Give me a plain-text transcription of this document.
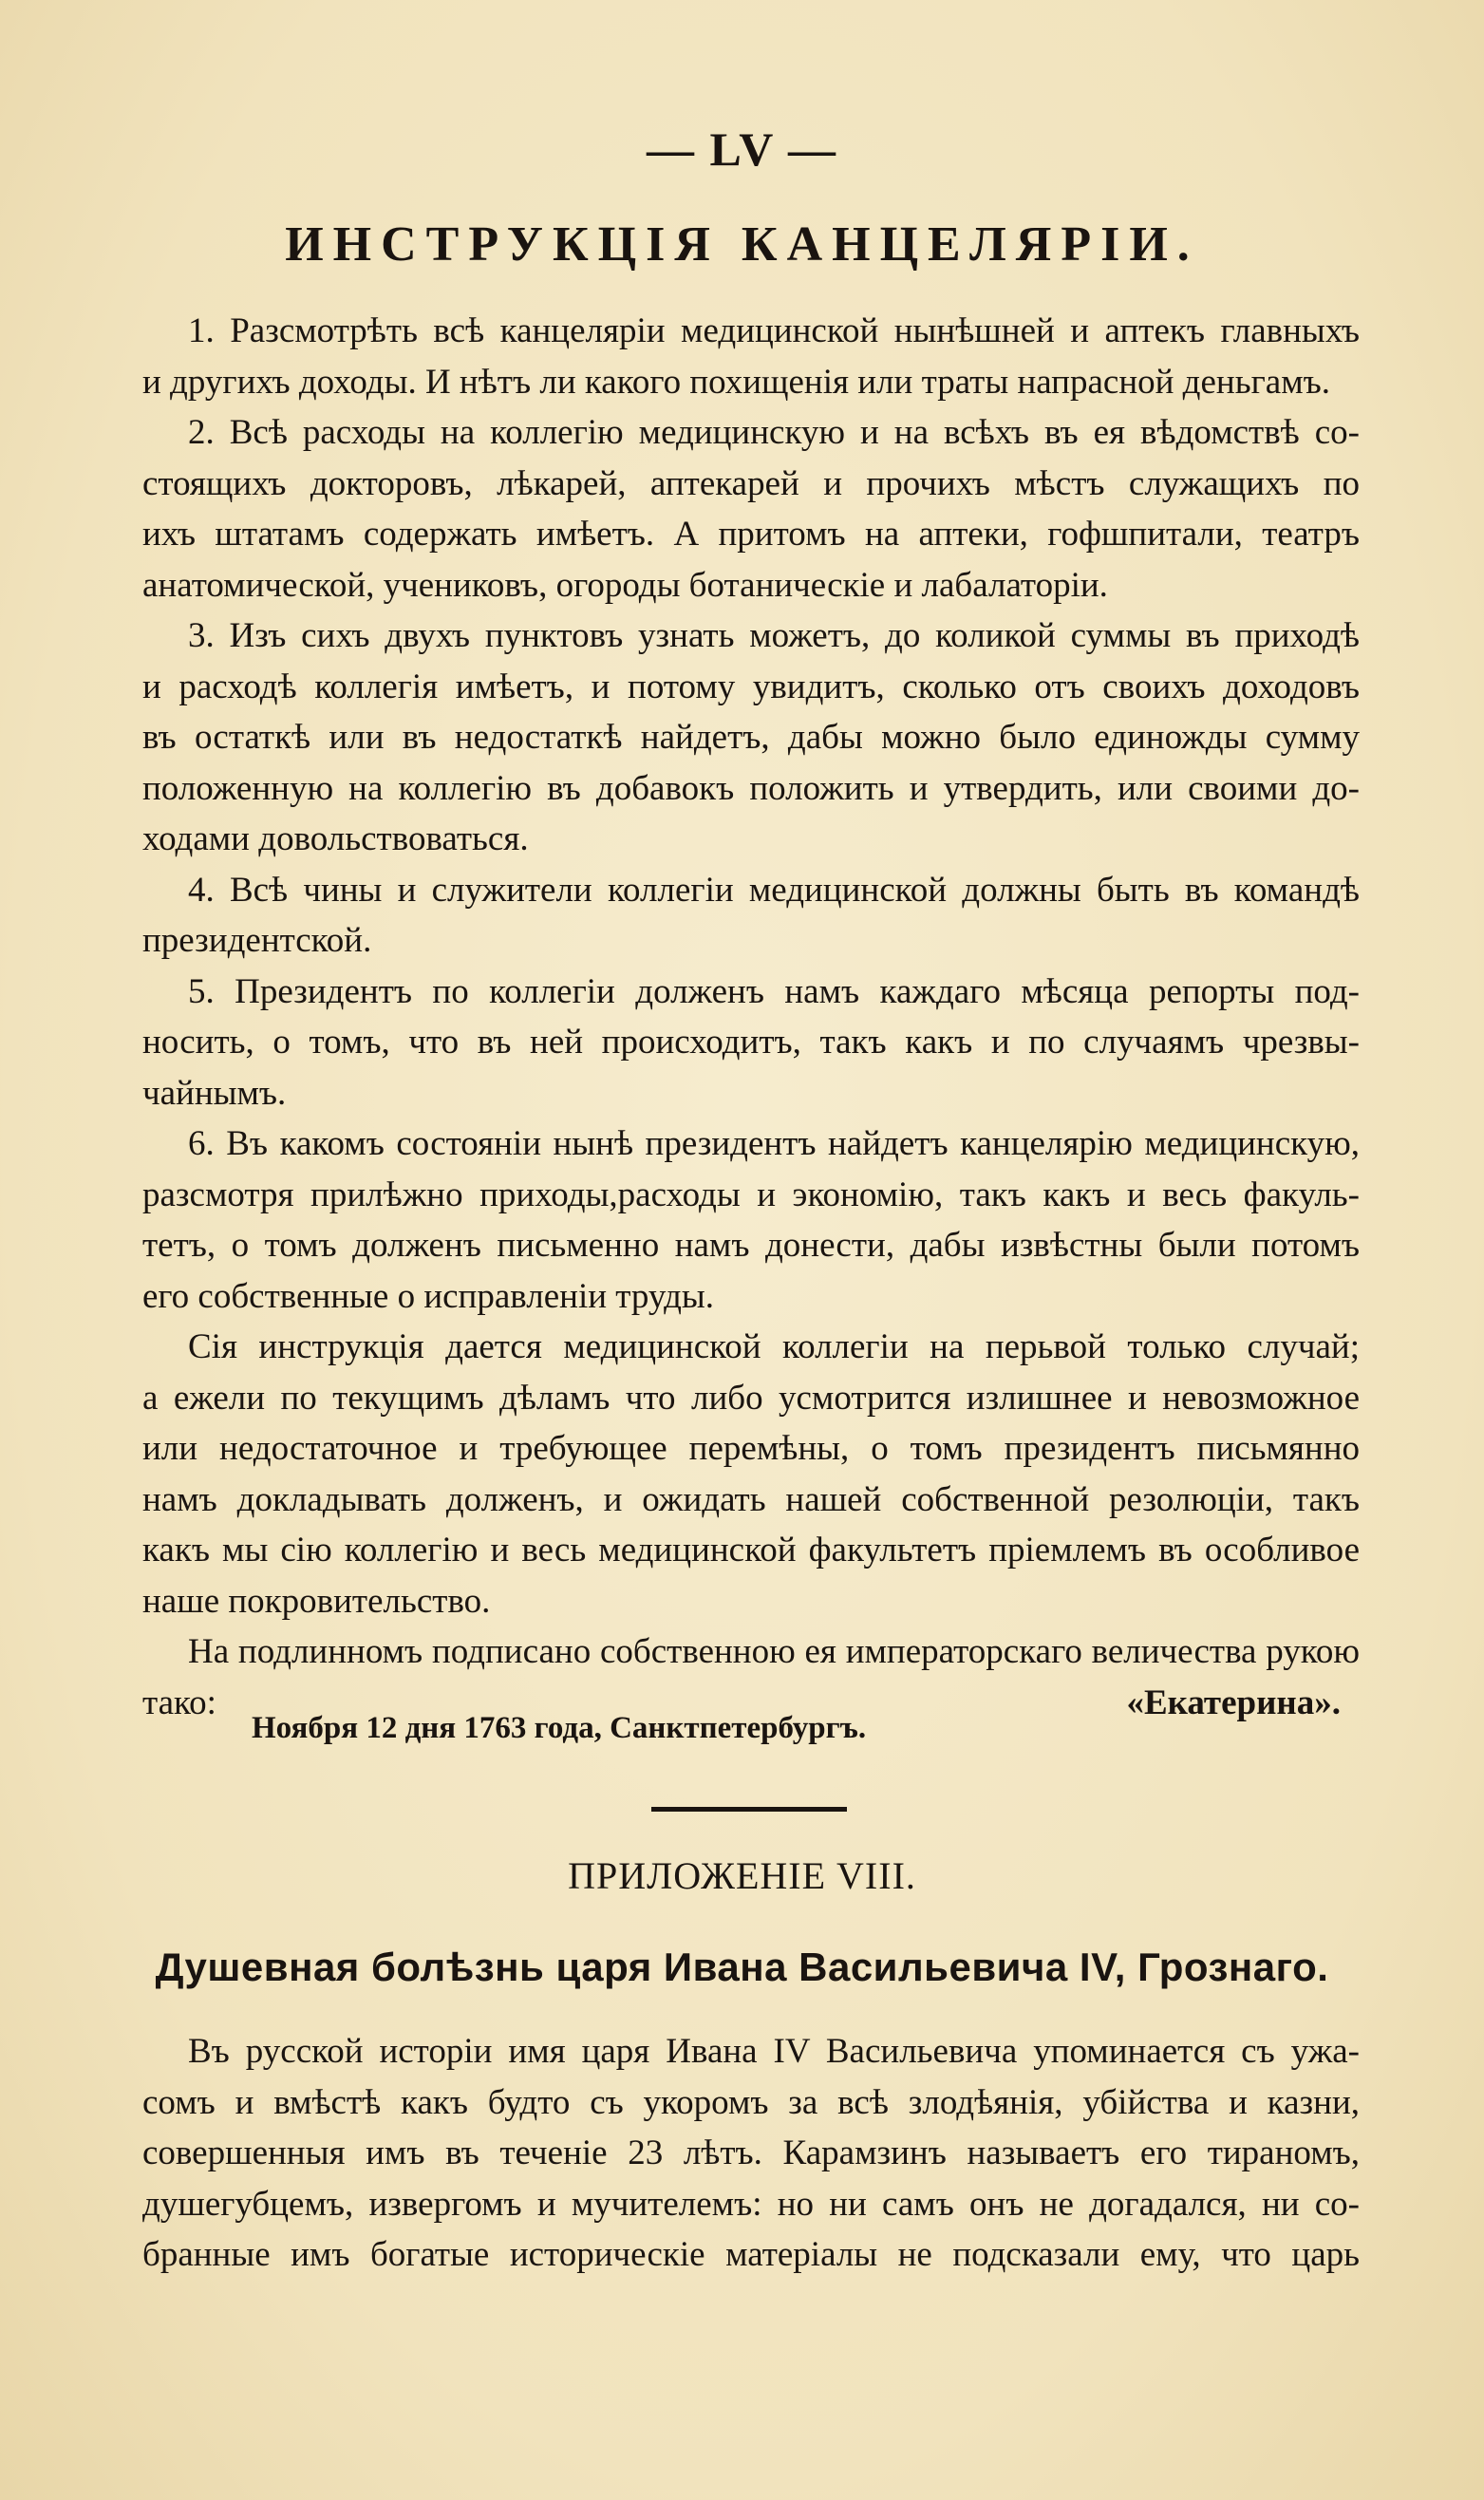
— LV —
ИНСТРУКЦІЯ КАНЦЕЛЯРІИ.
1. Разсмотрѣть всѣ канцеляріи медицинской нынѣшней и аптекъ главныхъ
и другихъ доходы. И нѣтъ ли какого похищенія или траты напрасной деньгамъ.
2. Всѣ расходы на коллегію медицинскую и на всѣхъ въ ея вѣдомствѣ со-
стоящихъ докторовъ, лѣкарей, аптекарей и прочихъ мѣстъ служащихъ по
ихъ штатамъ содержать имѣетъ. А притомъ на аптеки, гофшпитали, театръ
анатомической, учениковъ, огороды ботаническіе и лабалаторіи.
3. Изъ сихъ двухъ пунктовъ узнать можетъ, до коликой суммы въ приходѣ
и расходѣ коллегія имѣетъ, и потому увидитъ, сколько отъ своихъ доходовъ
въ остаткѣ или въ недостаткѣ найдетъ, дабы можно было единожды сумму
положенную на коллегію въ добавокъ положить и утвердить, или своими до-
ходами довольствоваться.
4. Всѣ чины и служители коллегіи медицинской должны быть въ командѣ
президентской.
5. Президентъ по коллегіи долженъ намъ каждаго мѣсяца репорты под-
носить, о томъ, что въ ней происходитъ, такъ какъ и по случаямъ чрезвы-
чайнымъ.
6. Въ какомъ состояніи нынѣ президентъ найдетъ канцелярію медицинскую,
разсмотря прилѣжно приходы,расходы и экономію, такъ какъ и весь факуль-
тетъ, о томъ долженъ письменно намъ донести, дабы извѣстны были потомъ
его собственные о исправленіи труды.
Сія инструкція дается медицинской коллегіи на перьвой только случай;
а ежели по текущимъ дѣламъ что либо усмотрится излишнее и невозможное
или недостаточное и требующее перемѣны, о томъ президентъ письмянно
намъ докладывать долженъ, и ожидать нашей собственной резолюціи, такъ
какъ мы сію коллегію и весь медицинской факультетъ пріемлемъ въ особливое
наше покровительство.
На подлинномъ подписано собственною ея императорскаго величества рукою
тако:	«Екатерина».
Ноября 12 дня 1763 года, Санктпетербургъ.
ПРИЛОЖЕНІЕ VIII.
Душевная болѣзнь царя Ивана Васильевича IV, Грознаго.
Въ русской исторіи имя царя Ивана IV Васильевича упоминается съ ужа-
сомъ и вмѣстѣ какъ будто съ укоромъ за всѣ злодѣянія, убійства и казни,
совершенныя имъ въ теченіе 23 лѣтъ. Карамзинъ называетъ его тираномъ,
душегубцемъ, извергомъ и мучителемъ: но ни самъ онъ не догадался, ни со-
бранные имъ богатые историческіе матеріалы не подсказали ему, что царь
